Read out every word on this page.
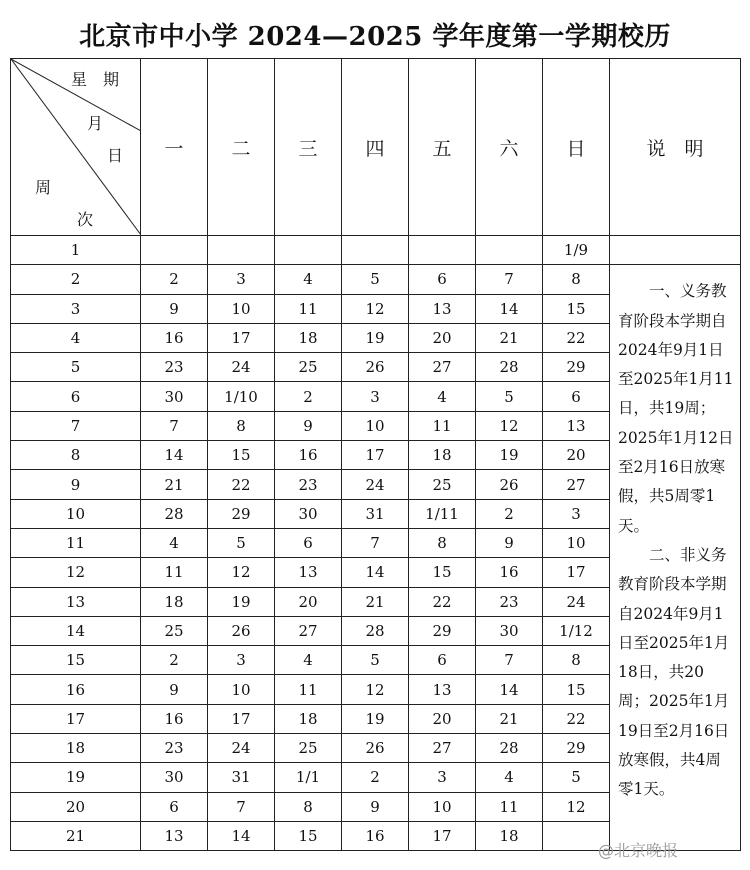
北京市中小学 2024—2025 学年度第一学期校历
星　期
月
日
周
次	一	二	三	四	五	六	日	说　明
1							1/9	
2	2	3	4	5	6	7	8	一、义务教育阶段本学期自2024年9月1日至2025年1月11日，共19周；2025年1月12日至2月16日放寒假，共5周零1天。

二、非义务教育阶段本学期自2024年9月1日至2025年1月18日，共20周；2025年1月19日至2月16日放寒假，共4周零1天。

3	9	10	11	12	13	14	15	
4	16	17	18	19	20	21	22	
5	23	24	25	26	27	28	29	
6	30	1/10	2	3	4	5	6	
7	7	8	9	10	11	12	13	
8	14	15	16	17	18	19	20	
9	21	22	23	24	25	26	27	
10	28	29	30	31	1/11	2	3	
11	4	5	6	7	8	9	10	
12	11	12	13	14	15	16	17	
13	18	19	20	21	22	23	24	
14	25	26	27	28	29	30	1/12	
15	2	3	4	5	6	7	8	
16	9	10	11	12	13	14	15	
17	16	17	18	19	20	21	22	
18	23	24	25	26	27	28	29	
19	30	31	1/1	2	3	4	5	
20	6	7	8	9	10	11	12	
21	13	14	15	16	17	18		
@北京晚报
